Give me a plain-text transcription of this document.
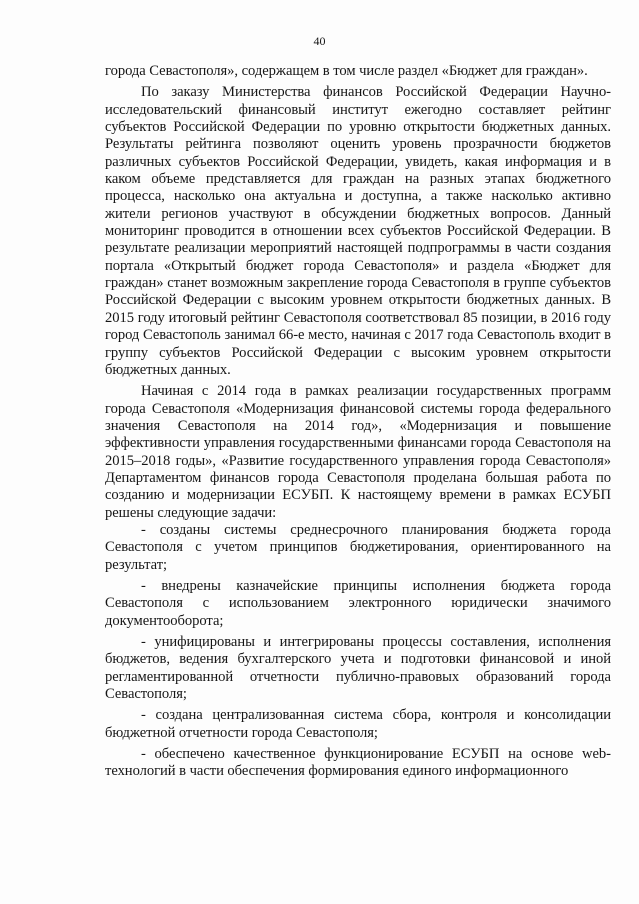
40

города Севастополя», содержащем в том числе раздел «Бюджет для граждан».

По заказу Министерства финансов Российской Федерации Научно-исследовательский финансовый институт ежегодно составляет рейтинг субъектов Российской Федерации по уровню открытости бюджетных данных. Результаты рейтинга позволяют оценить уровень прозрачности бюджетов различных субъектов Российской Федерации, увидеть, какая информация и в каком объеме представляется для граждан на разных этапах бюджетного процесса, насколько она актуальна и доступна, а также насколько активно жители регионов участвуют в обсуждении бюджетных вопросов. Данный мониторинг проводится в отношении всех субъектов Российской Федерации. В результате реализации мероприятий настоящей подпрограммы в части создания портала «Открытый бюджет города Севастополя» и раздела «Бюджет для граждан» станет возможным закрепление города Севастополя в группе субъектов Российской Федерации с высоким уровнем открытости бюджетных данных. В 2015 году итоговый рейтинг Севастополя соответствовал 85 позиции, в 2016 году город Севастополь занимал 66-е место, начиная с 2017 года Севастополь входит в группу субъектов Российской Федерации с высоким уровнем открытости бюджетных данных.

Начиная с 2014 года в рамках реализации государственных программ города Севастополя «Модернизация финансовой системы города федерального значения Севастополя на 2014 год», «Модернизация и повышение эффективности управления государственными финансами города Севастополя на 2015–2018 годы», «Развитие государственного управления города Севастополя» Департаментом финансов города Севастополя проделана большая работа по созданию и модернизации ЕСУБП. К настоящему времени в рамках ЕСУБП решены следующие задачи:

- созданы системы среднесрочного планирования бюджета города Севастополя с учетом принципов бюджетирования, ориентированного на результат;

- внедрены казначейские принципы исполнения бюджета города Севастополя с использованием электронного юридически значимого документооборота;

- унифицированы и интегрированы процессы составления, исполнения бюджетов, ведения бухгалтерского учета и подготовки финансовой и иной регламентированной отчетности публично-правовых образований города Севастополя;

- создана централизованная система сбора, контроля и консолидации бюджетной отчетности города Севастополя;

- обеспечено качественное функционирование ЕСУБП на основе web-технологий в части обеспечения формирования единого информационного
